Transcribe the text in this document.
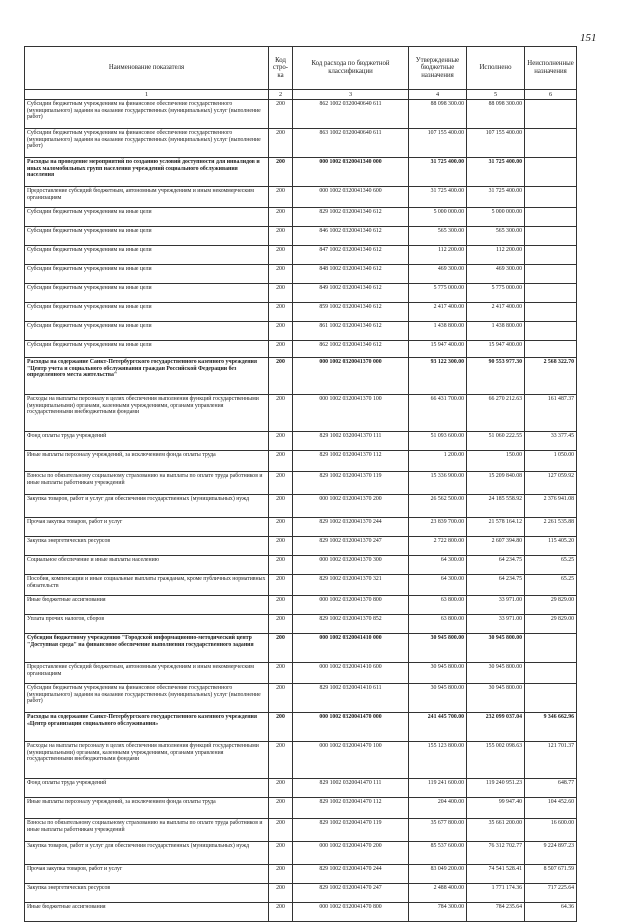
151
Наименование показателя	Код стро- ка	Код расхода по бюджетной классификации	Утвержденные бюджетные назначения	Исполнено	Неисполненные назначения
1	2	3	4	5	6
Субсидии бюджетным учреждениям на финансовое обеспечение государственного (муниципального) задания на оказание государственных (муниципальных) услуг (выполнение работ)	200	862 1002 0320040640 611	88 098 300.00	88 098 300.00	
Субсидии бюджетным учреждениям на финансовое обеспечение государственного (муниципального) задания на оказание государственных (муниципальных) услуг (выполнение работ)	200	863 1002 0320040640 611	107 155 400.00	107 155 400.00	
Расходы на проведение мероприятий по созданию условий доступности для инвалидов и иных маломобильных групп населения учреждений социального обслуживания населения	200	000 1002 0320041340 000	31 725 400.00	31 725 400.00	
Предоставление субсидий бюджетным, автономным учреждениям и иным некоммерческим организациям	200	000 1002 0320041340 600	31 725 400.00	31 725 400.00	
Субсидии бюджетным учреждениям на иные цели	200	829 1002 0320041340 612	5 000 000.00	5 000 000.00	
Субсидии бюджетным учреждениям на иные цели	200	846 1002 0320041340 612	565 300.00	565 300.00	
Субсидии бюджетным учреждениям на иные цели	200	847 1002 0320041340 612	112 200.00	112 200.00	
Субсидии бюджетным учреждениям на иные цели	200	848 1002 0320041340 612	469 300.00	469 300.00	
Субсидии бюджетным учреждениям на иные цели	200	849 1002 0320041340 612	5 775 000.00	5 775 000.00	
Субсидии бюджетным учреждениям на иные цели	200	859 1002 0320041340 612	2 417 400.00	2 417 400.00	
Субсидии бюджетным учреждениям на иные цели	200	861 1002 0320041340 612	1 438 800.00	1 438 800.00	
Субсидии бюджетным учреждениям на иные цели	200	862 1002 0320041340 612	15 947 400.00	15 947 400.00	
Расходы на содержание Санкт-Петербургского государственного казенного учреждения "Центр учета и социального обслуживания граждан Российской Федерации без определенного места жительства"	200	000 1002 0320041370 000	93 122 300.00	90 553 977.30	2 568 322.70
Расходы на выплаты персоналу в целях обеспечения выполнения функций государственными (муниципальными) органами, казенными учреждениями, органами управления государственными внебюджетными фондами	200	000 1002 0320041370 100	66 431 700.00	66 270 212.63	161 487.37
Фонд оплаты труда учреждений	200	829 1002 0320041370 111	51 093 600.00	51 060 222.55	33 377.45
Иные выплаты персоналу учреждений, за исключением фонда оплаты труда	200	829 1002 0320041370 112	1 200.00	150.00	1 050.00
Взносы по обязательному социальному страхованию на выплаты по оплате труда работников и иные выплаты работникам учреждений	200	829 1002 0320041370 119	15 336 900.00	15 209 840.08	127 059.92
Закупка товаров, работ и услуг для обеспечения государственных (муниципальных) нужд	200	000 1002 0320041370 200	26 562 500.00	24 185 558.92	2 376 941.08
Прочая закупка товаров, работ и услуг	200	829 1002 0320041370 244	23 839 700.00	21 578 164.12	2 261 535.88
Закупка энергетических ресурсов	200	829 1002 0320041370 247	2 722 800.00	2 607 394.80	115 405.20
Социальное обеспечение и иные выплаты населению	200	000 1002 0320041370 300	64 300.00	64 234.75	65.25
Пособия, компенсации и иные социальные выплаты гражданам, кроме публичных нормативных обязательств	200	829 1002 0320041370 321	64 300.00	64 234.75	65.25
Иные бюджетные ассигнования	200	000 1002 0320041370 800	63 800.00	33 971.00	29 829.00
Уплата прочих налогов, сборов	200	829 1002 0320041370 852	63 800.00	33 971.00	29 829.00
Субсидии бюджетному учреждению "Городской информационно-методический центр "Доступная среда" на финансовое обеспечение выполнения государственного задания	200	000 1002 0320041410 000	30 945 800.00	30 945 800.00	
Предоставление субсидий бюджетным, автономным учреждениям и иным некоммерческим организациям	200	000 1002 0320041410 600	30 945 800.00	30 945 800.00	
Субсидии бюджетным учреждениям на финансовое обеспечение государственного (муниципального) задания на оказание государственных (муниципальных) услуг (выполнение работ)	200	829 1002 0320041410 611	30 945 800.00	30 945 800.00	
Расходы на содержание Санкт-Петербургского государственного казенного учреждения «Центр организации социального обслуживания»	200	000 1002 0320041470 000	241 445 700.00	232 099 037.04	9 346 662.96
Расходы на выплаты персоналу в целях обеспечения выполнения функций государственными (муниципальными) органами, казенными учреждениями, органами управления государственными внебюджетными фондами	200	000 1002 0320041470 100	155 123 800.00	155 002 098.63	121 701.37
Фонд оплаты труда учреждений	200	829 1002 0320041470 111	119 241 600.00	119 240 951.23	648.77
Иные выплаты персоналу учреждений, за исключением фонда оплаты труда	200	829 1002 0320041470 112	204 400.00	99 947.40	104 452.60
Взносы по обязательному социальному страхованию на выплаты по оплате труда работников и иные выплаты работникам учреждений	200	829 1002 0320041470 119	35 677 800.00	35 661 200.00	16 600.00
Закупка товаров, работ и услуг для обеспечения государственных (муниципальных) нужд	200	000 1002 0320041470 200	85 537 600.00	76 312 702.77	9 224 897.23
Прочая закупка товаров, работ и услуг	200	829 1002 0320041470 244	83 049 200.00	74 541 528.41	8 507 671.59
Закупка энергетических ресурсов	200	829 1002 0320041470 247	2 488 400.00	1 771 174.36	717 225.64
Иные бюджетные ассигнования	200	000 1002 0320041470 800	784 300.00	784 235.64	64.36
